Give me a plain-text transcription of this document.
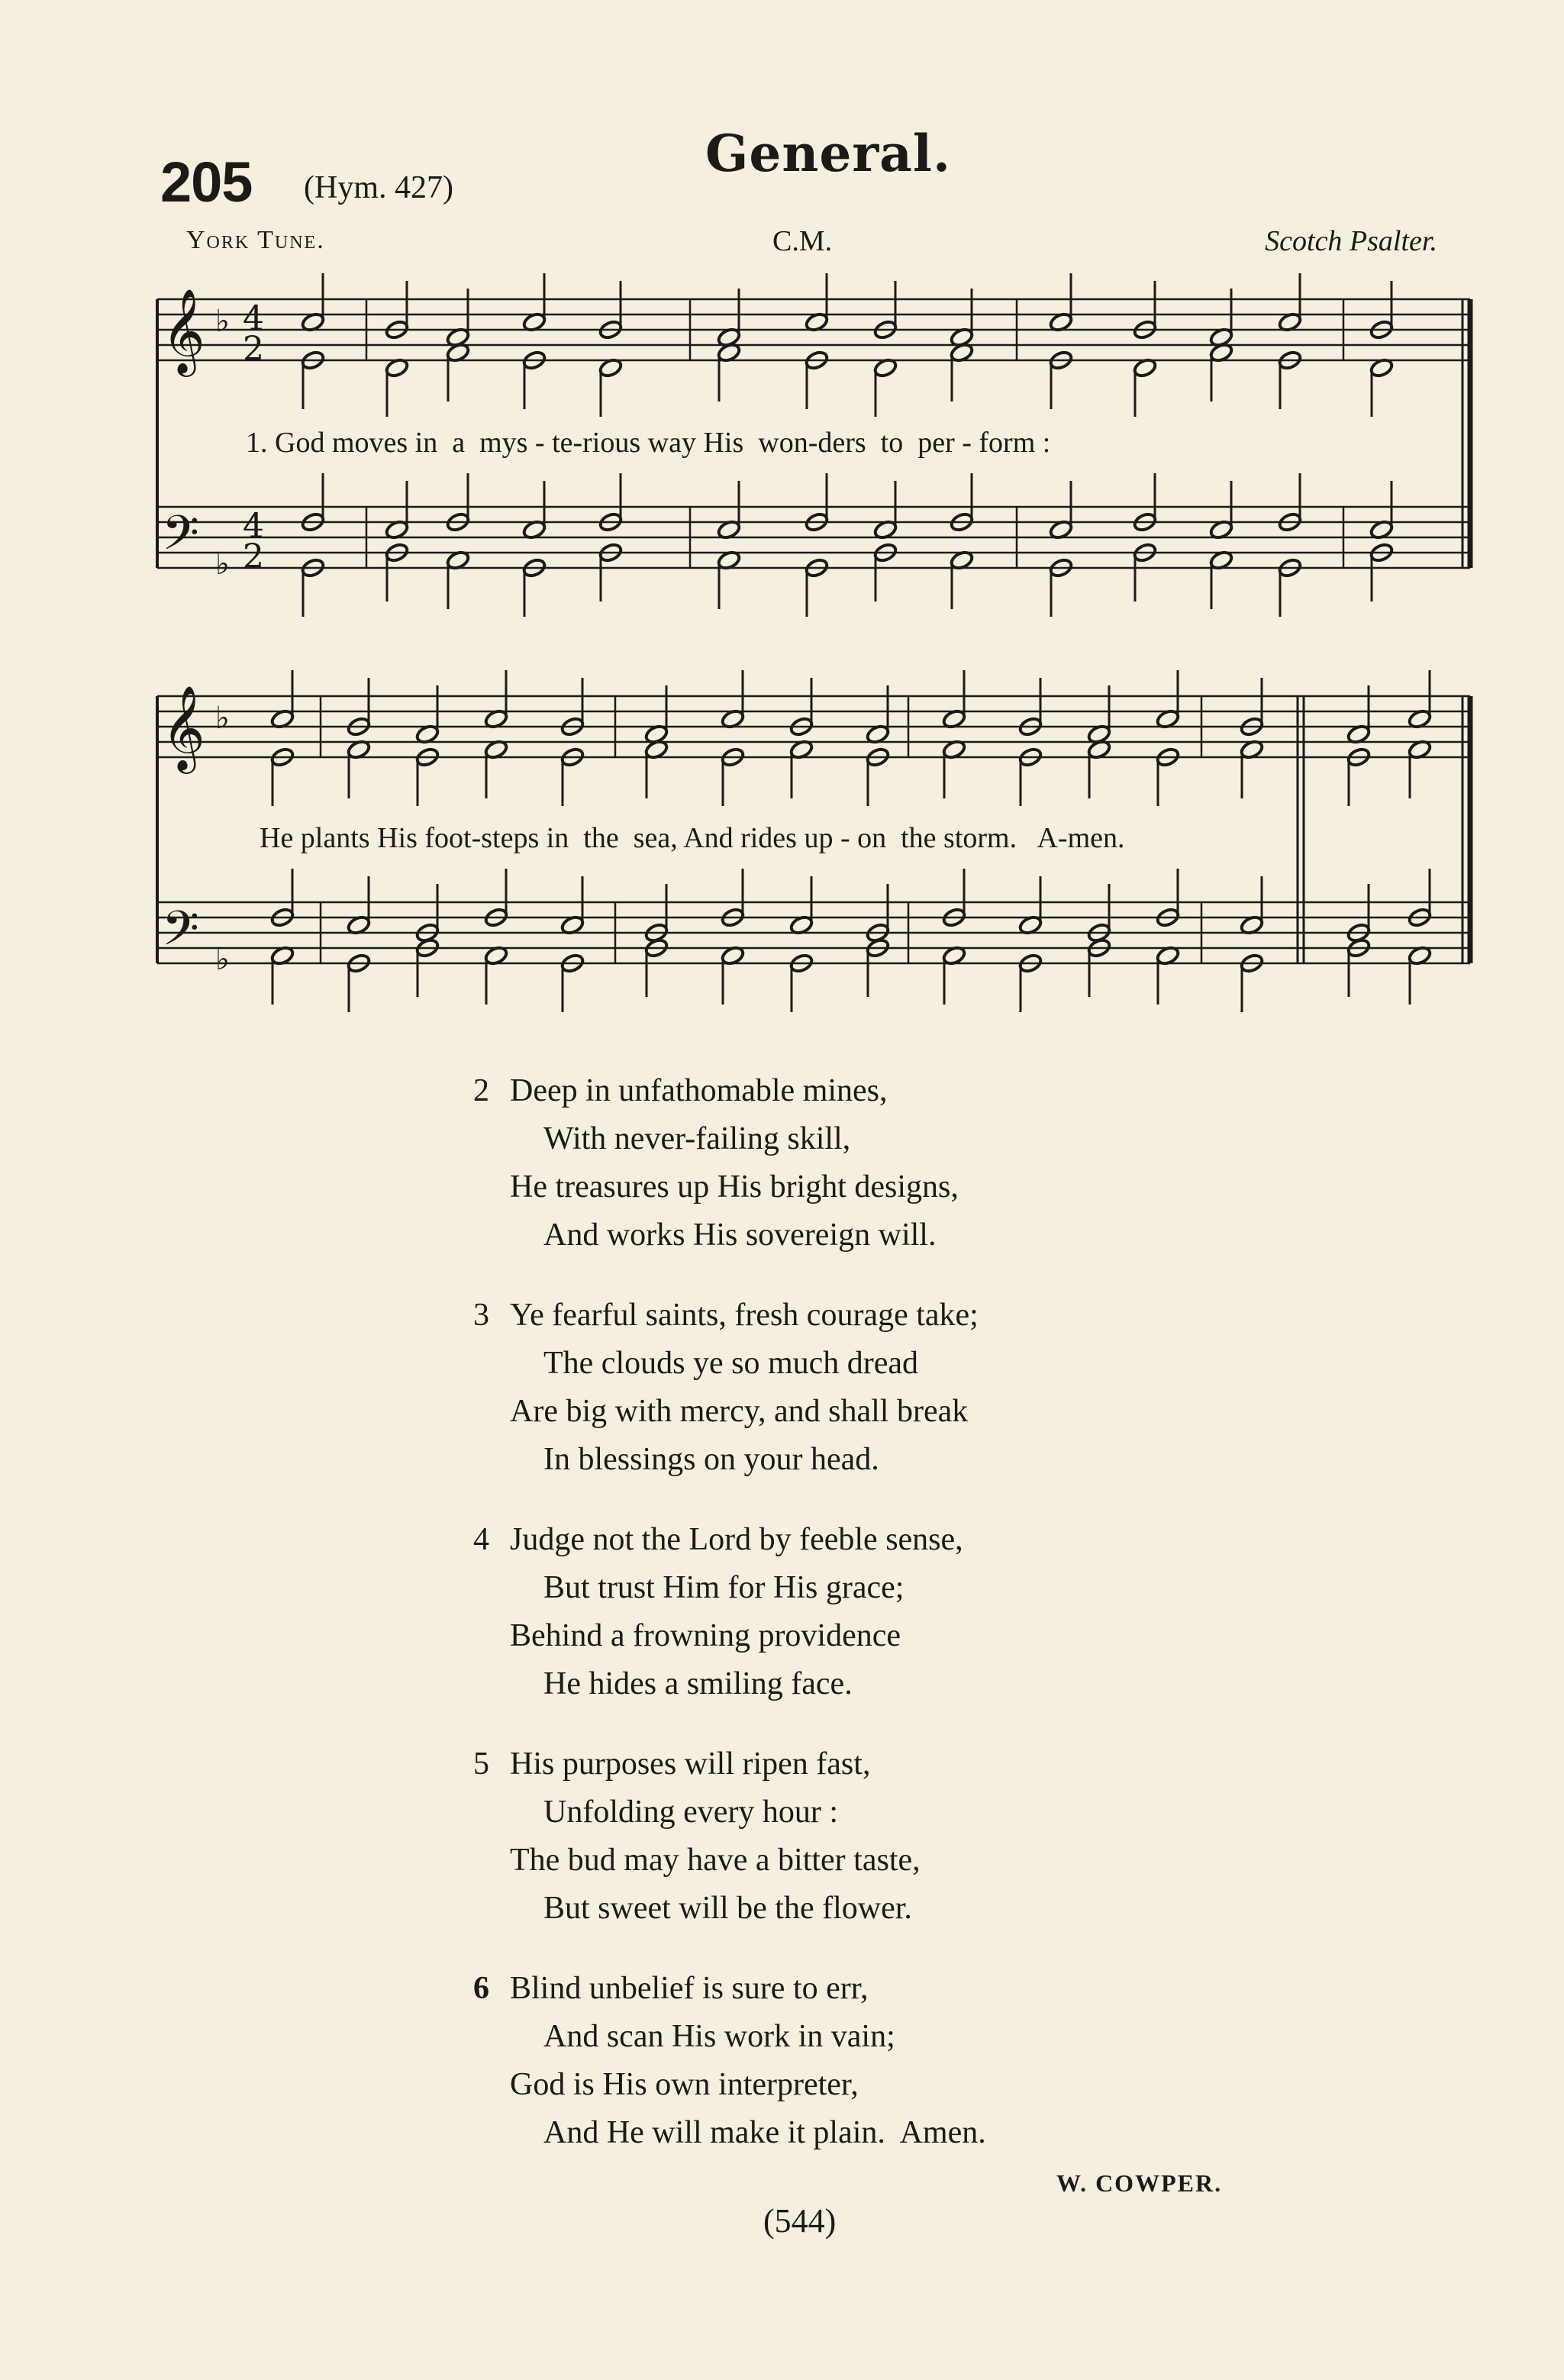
205 (Hym. 427)
General.
York Tune.	C.M.	Scotch Psalter.
𝄞
𝄢
𝄞
𝄢
♭
♭
♭
♭
4
2
4
2
1. God moves in  a  mys - te-rious way His  won-ders  to  per - form :
He plants His foot-steps in  the  sea, And rides up - on  the storm.   A-men.
2 Deep in unfathomable mines,
With never-failing skill,
He treasures up His bright designs,
And works His sovereign will.
3 Ye fearful saints, fresh courage take;
The clouds ye so much dread
Are big with mercy, and shall break
In blessings on your head.
4 Judge not the Lord by feeble sense,
But trust Him for His grace;
Behind a frowning providence
He hides a smiling face.
5 His purposes will ripen fast,
Unfolding every hour :
The bud may have a bitter taste,
But sweet will be the flower.
6 Blind unbelief is sure to err,
And scan His work in vain;
God is His own interpreter,
And He will make it plain.  Amen.
W. COWPER.
(544)
